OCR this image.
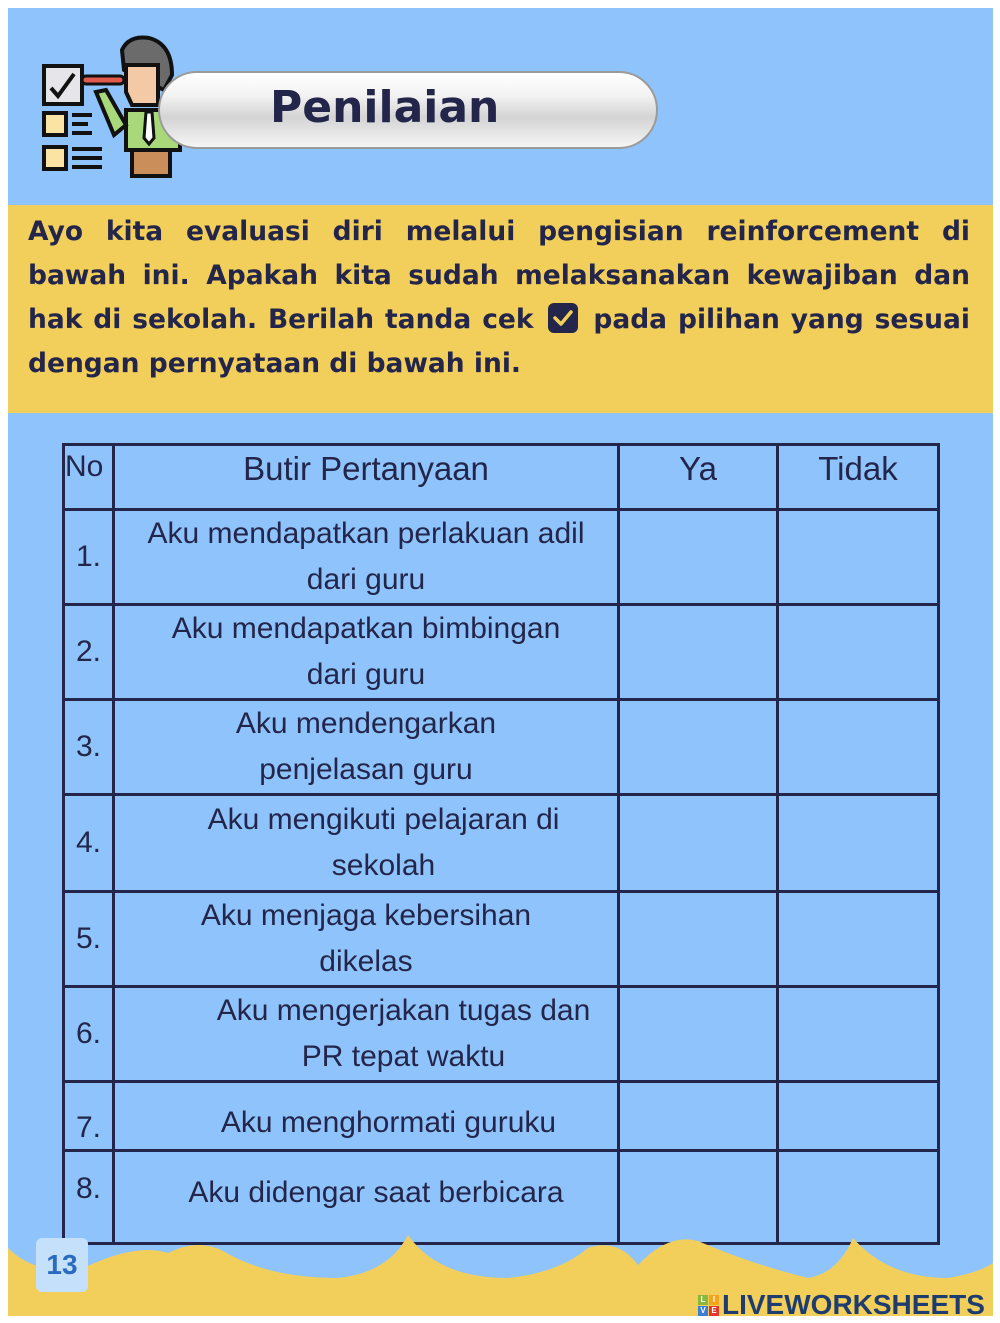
Penilaian
Ayo kita evaluasi diri melalui pengisian reinforcement di bawah ini. Apakah kita sudah melaksanakan kewajiban dan hak di sekolah. Berilah tanda cek pada pilihan yang sesuai dengan pernyataan di bawah ini.
No	Butir Pertanyaan	Ya	Tidak
1.	Aku mendapatkan perlakuan adil dari guru		
2.	Aku mendapatkan bimbingan dari guru		
3.	Aku mendengarkan penjelasan guru		
4.	Aku mengikuti pelajaran di sekolah		
5.	Aku menjaga kebersihan dikelas		
6.	Aku mengerjakan tugas dan PR tepat waktu		
7.	Aku menghormati guruku		
8.	Aku didengar saat berbicara		
13
L I
V E LIVEWORKSHEETS
